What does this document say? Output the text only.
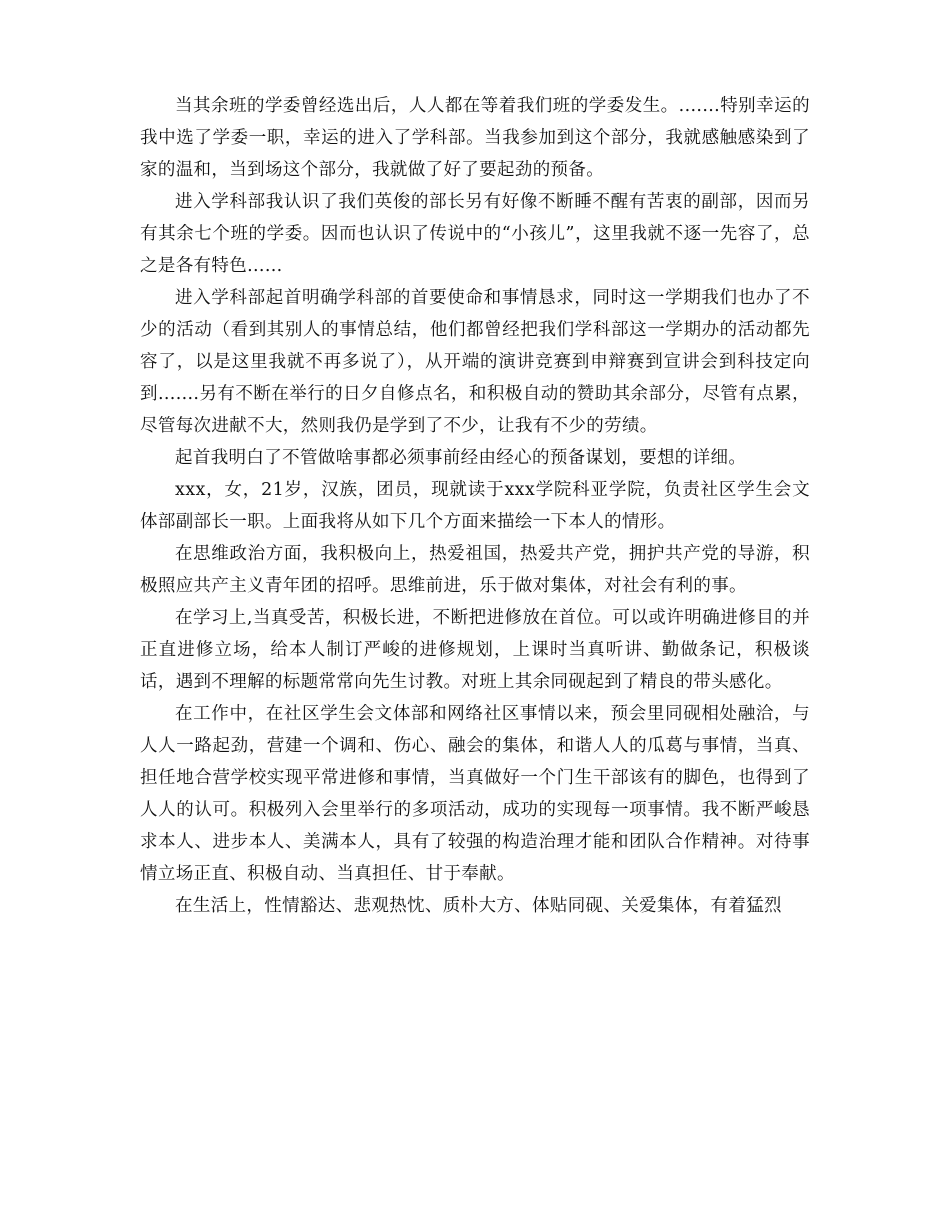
当其余班的学委曾经选出后，人人都在等着我们班的学委发生。.......特别幸运的我中选了学委一职，幸运的进入了学科部。当我参加到这个部分，我就感触感染到了家的温和，当到场这个部分，我就做了好了要起劲的预备。

进入学科部我认识了我们英俊的部长另有好像不断睡不醒有苦衷的副部，因而另有其余七个班的学委。因而也认识了传说中的“小孩儿”，这里我就不逐一先容了，总之是各有特色......

进入学科部起首明确学科部的首要使命和事情恳求，同时这一学期我们也办了不少的活动（看到其别人的事情总结，他们都曾经把我们学科部这一学期办的活动都先容了，以是这里我就不再多说了），从开端的演讲竞赛到申辩赛到宣讲会到科技定向到.......另有不断在举行的日夕自修点名，和积极自动的赞助其余部分，尽管有点累，尽管每次进献不大，然则我仍是学到了不少，让我有不少的劳绩。

起首我明白了不管做啥事都必须事前经由经心的预备谋划，要想的详细。

xxx，女，21岁，汉族，团员，现就读于xxx学院科亚学院，负责社区学生会文体部副部长一职。上面我将从如下几个方面来描绘一下本人的情形。

在思维政治方面，我积极向上，热爱祖国，热爱共产党，拥护共产党的导游，积极照应共产主义青年团的招呼。思维前进，乐于做对集体，对社会有利的事。

在学习上,当真受苦，积极长进，不断把进修放在首位。可以或许明确进修目的并正直进修立场，给本人制订严峻的进修规划，上课时当真听讲、勤做条记，积极谈话，遇到不理解的标题常常向先生讨教。对班上其余同砚起到了精良的带头感化。

在工作中，在社区学生会文体部和网络社区事情以来，预会里同砚相处融洽，与人人一路起劲，营建一个调和、伤心、融会的集体，和谐人人的瓜葛与事情，当真、担任地合营学校实现平常进修和事情，当真做好一个门生干部该有的脚色，也得到了人人的认可。积极列入会里举行的多项活动，成功的实现每一项事情。我不断严峻恳求本人、进步本人、美满本人，具有了较强的构造治理才能和团队合作精神。对待事情立场正直、积极自动、当真担任、甘于奉献。

在生活上，性情豁达、悲观热忱、质朴大方、体贴同砚、关爱集体，有着猛烈
